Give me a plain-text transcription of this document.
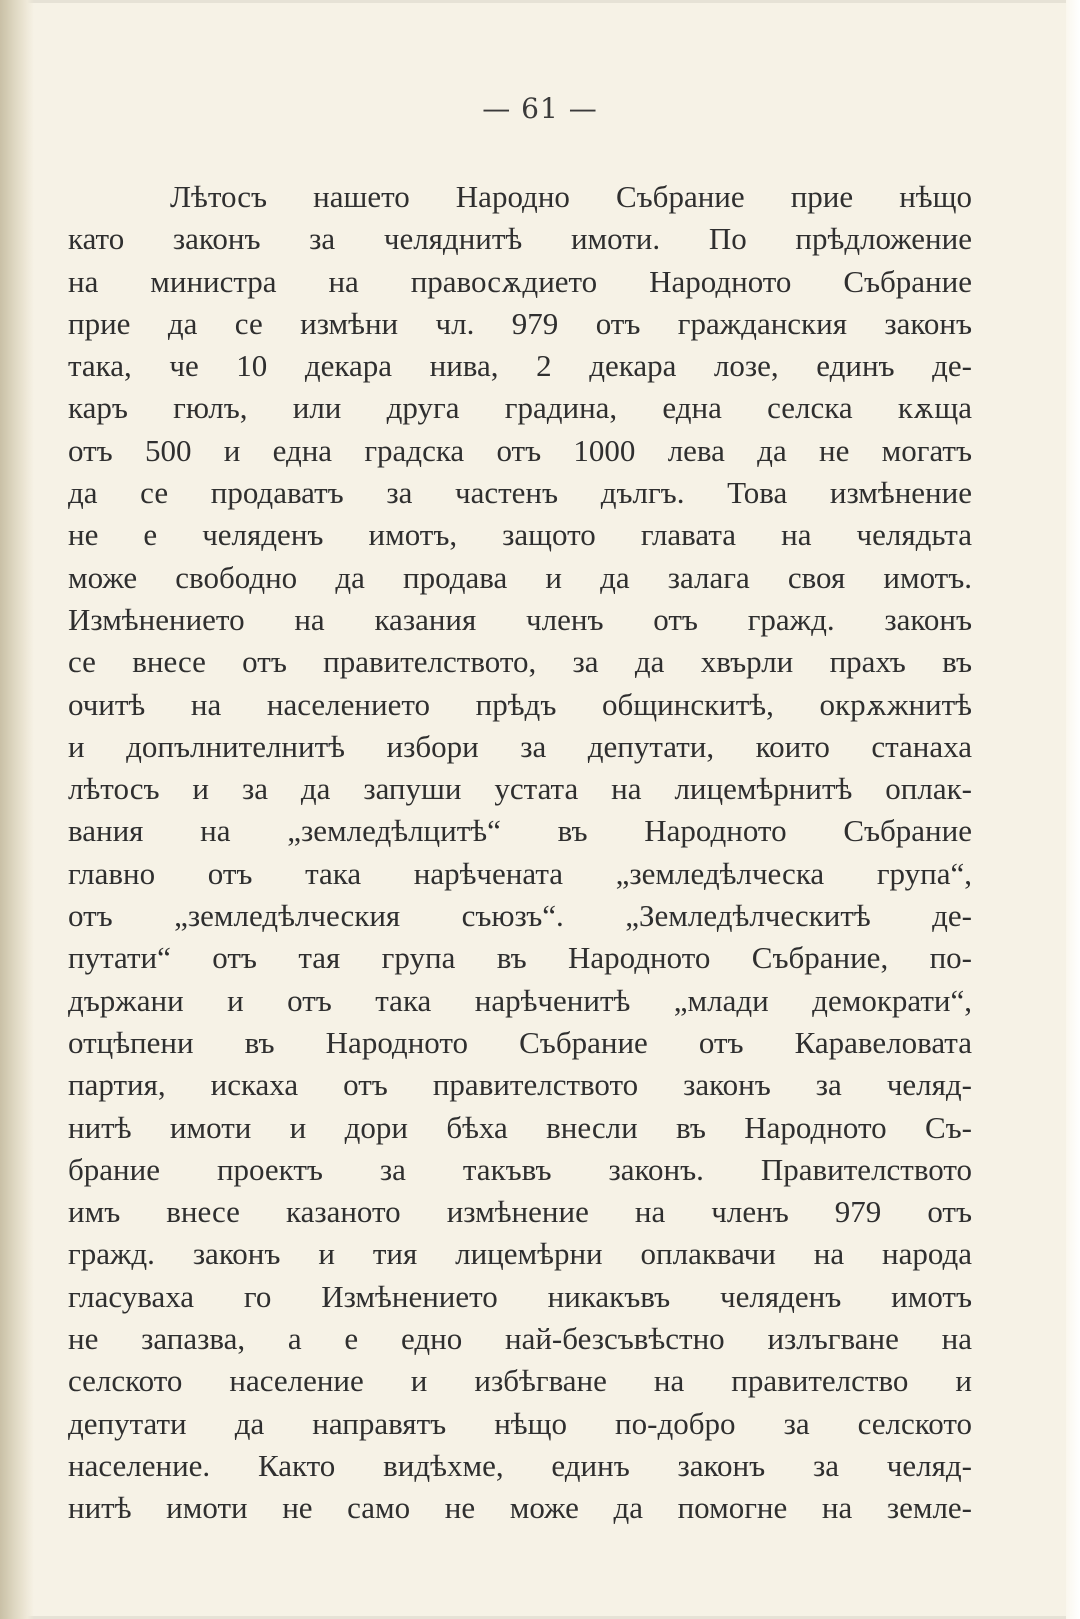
— 61 —
Лѣтосъ нашето Народно Събрание прие нѣщо
като законъ за челяднитѣ имоти. По прѣдложение
на министра на правосѫдието Народното Събрание
прие да се измѣни чл. 979 отъ гражданския законъ
така, че 10 декара нива, 2 декара лозе, единъ де-
каръ гюлъ, или друга градина, една селска кѫща
отъ 500 и една градска отъ 1000 лева да не могатъ
да се продаватъ за частенъ дългъ. Това измѣнение
не е челяденъ имотъ, защото главата на челядьта
може свободно да продава и да залага своя имотъ.
Измѣнението на казания членъ отъ гражд. законъ
се внесе отъ правителството, за да хвърли прахъ въ
очитѣ на населението прѣдъ общинскитѣ, окрѫжнитѣ
и допълнителнитѣ избори за депутати, които станаха
лѣтосъ и за да запуши устата на лицемѣрнитѣ оплак-
вания на „земледѣлцитѣ“ въ Народното Събрание
главно отъ така нарѣчената „земледѣлческа група“,
отъ „земледѣлческия съюзъ“. „Земледѣлческитѣ де-
путати“ отъ тая група въ Народното Събрание, по-
държани и отъ така нарѣченитѣ „млади демократи“,
отцѣпени въ Народното Събрание отъ Каравеловата
партия, искаха отъ правителството законъ за челяд-
нитѣ имоти и дори бѣха внесли въ Народното Съ-
брание проектъ за такъвъ законъ. Правителството
имъ внесе казаното измѣнение на членъ 979 отъ
гражд. законъ и тия лицемѣрни оплаквачи на народа
гласуваха го Измѣнението никакъвъ челяденъ имотъ
не запазва, а е едно най-безсъвѣстно излъгване на
селското население и избѣгване на правителство и
депутати да направятъ нѣщо по-добро за селското
население. Както видѣхме, единъ законъ за челяд-
нитѣ имоти не само не може да помогне на земле-
